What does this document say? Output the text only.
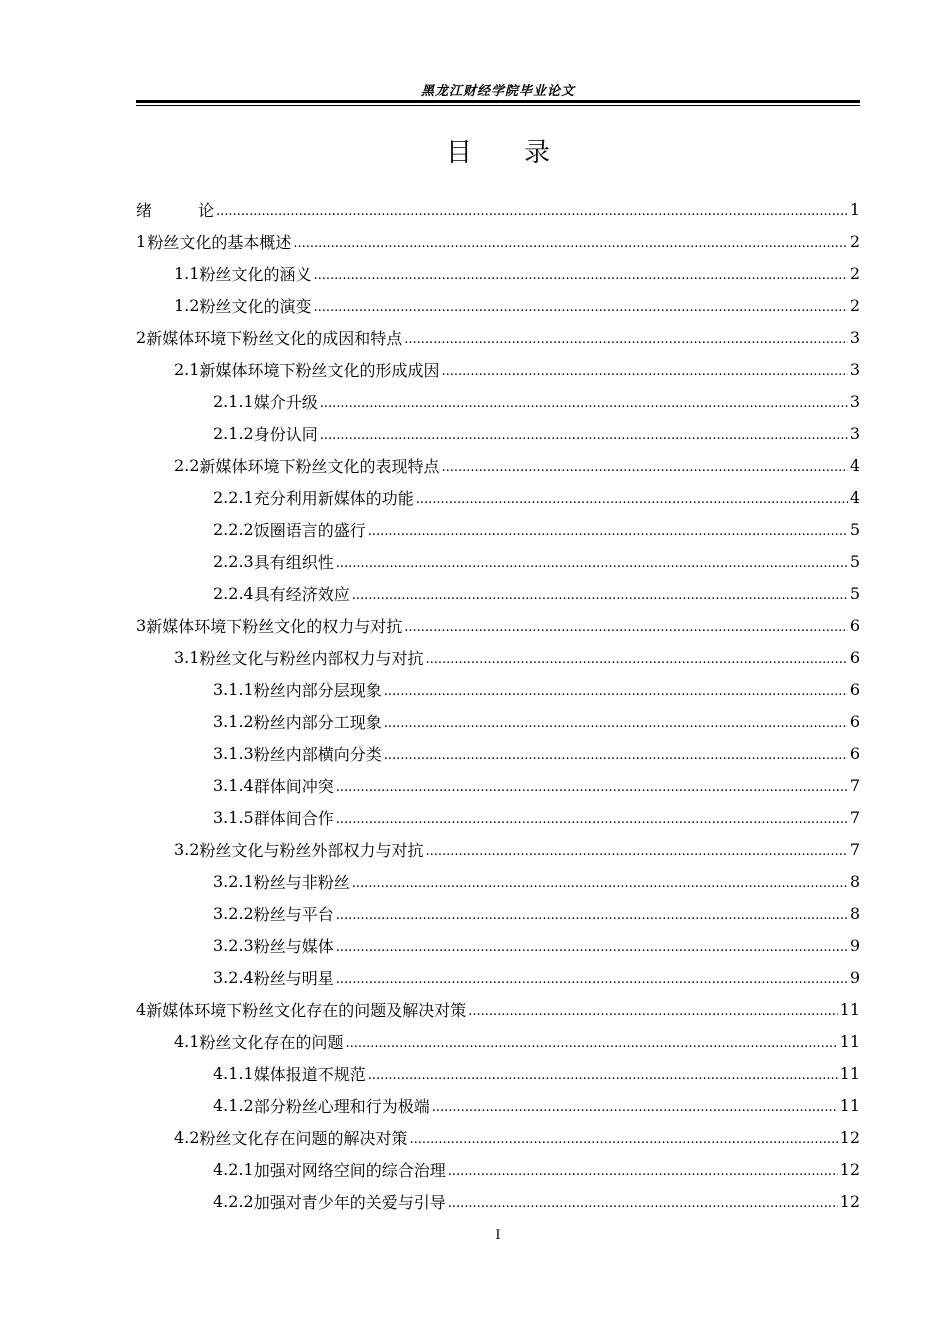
黑龙江财经学院毕业论文
目 录
绪	论 .....	1
1 粉丝文化的基本概述 .....	2
1.1 粉丝文化的涵义 .....	2
1.2 粉丝文化的演变 .....	2
2 新媒体环境下粉丝文化的成因和特点 .....	3
2.1 新媒体环境下粉丝文化的形成成因 .....	3
2.1.1 媒介升级 .....	3
2.1.2 身份认同 .....	3
2.2 新媒体环境下粉丝文化的表现特点 .....	4
2.2.1 充分利用新媒体的功能 .....	4
2.2.2 饭圈语言的盛行 .....	5
2.2.3 具有组织性 .....	5
2.2.4 具有经济效应 .....	5
3 新媒体环境下粉丝文化的权力与对抗 .....	6
3.1 粉丝文化与粉丝内部权力与对抗 .....	6
3.1.1 粉丝内部分层现象 .....	6
3.1.2 粉丝内部分工现象 .....	6
3.1.3 粉丝内部横向分类 .....	6
3.1.4 群体间冲突 .....	7
3.1.5 群体间合作 .....	7
3.2 粉丝文化与粉丝外部权力与对抗 .....	7
3.2.1 粉丝与非粉丝 .....	8
3.2.2 粉丝与平台 .....	8
3.2.3 粉丝与媒体 .....	9
3.2.4 粉丝与明星 .....	9
4 新媒体环境下粉丝文化存在的问题及解决对策 .....	11
4.1 粉丝文化存在的问题 .....	11
4.1.1 媒体报道不规范 .....	11
4.1.2 部分粉丝心理和行为极端 .....	11
4.2 粉丝文化存在问题的解决对策 .....	12
4.2.1 加强对网络空间的综合治理 .....	12
4.2.2 加强对青少年的关爱与引导 .....	12
I
